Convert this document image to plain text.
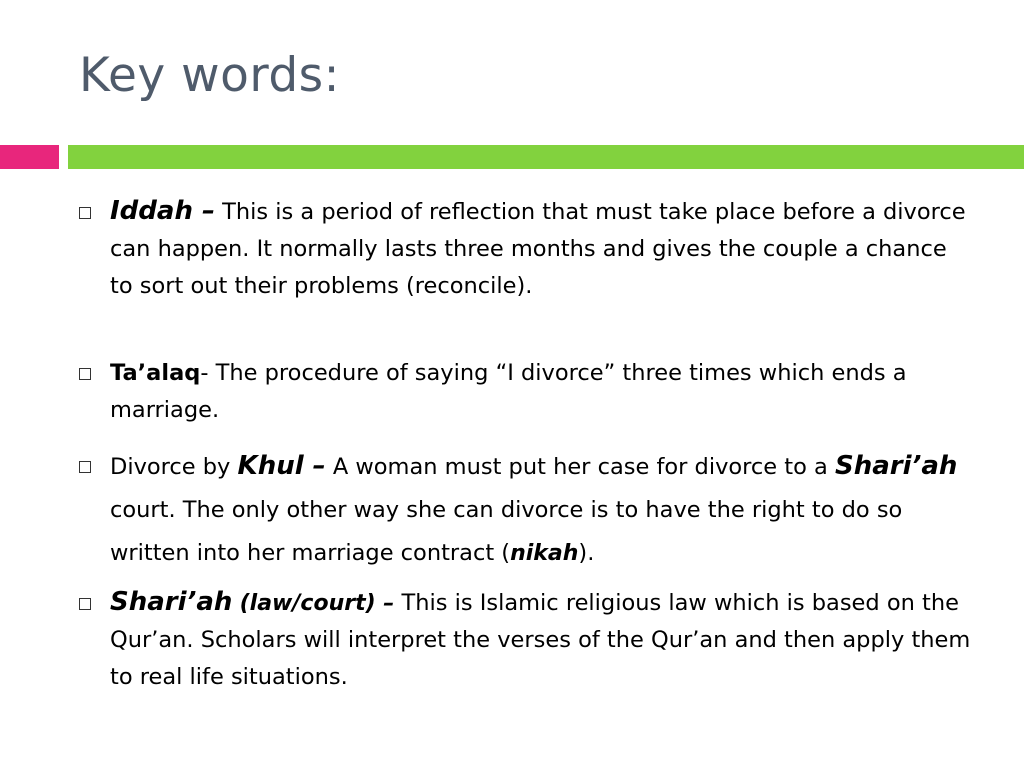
Key words:
Iddah – This is a period of reflection that must take place before a divorce can happen. It normally lasts three months and gives the couple a chance to sort out their problems (reconcile).
Ta’alaq- The procedure of saying “I divorce” three times which ends a marriage.
Divorce by Khul – A woman must put her case for divorce to a Shari’ah court. The only other way she can divorce is to have the right to do so written into her marriage contract (nikah).
Shari’ah (law/court) – This is Islamic religious law which is based on the Qur’an. Scholars will interpret the verses of the Qur’an and then apply them to real life situations.
